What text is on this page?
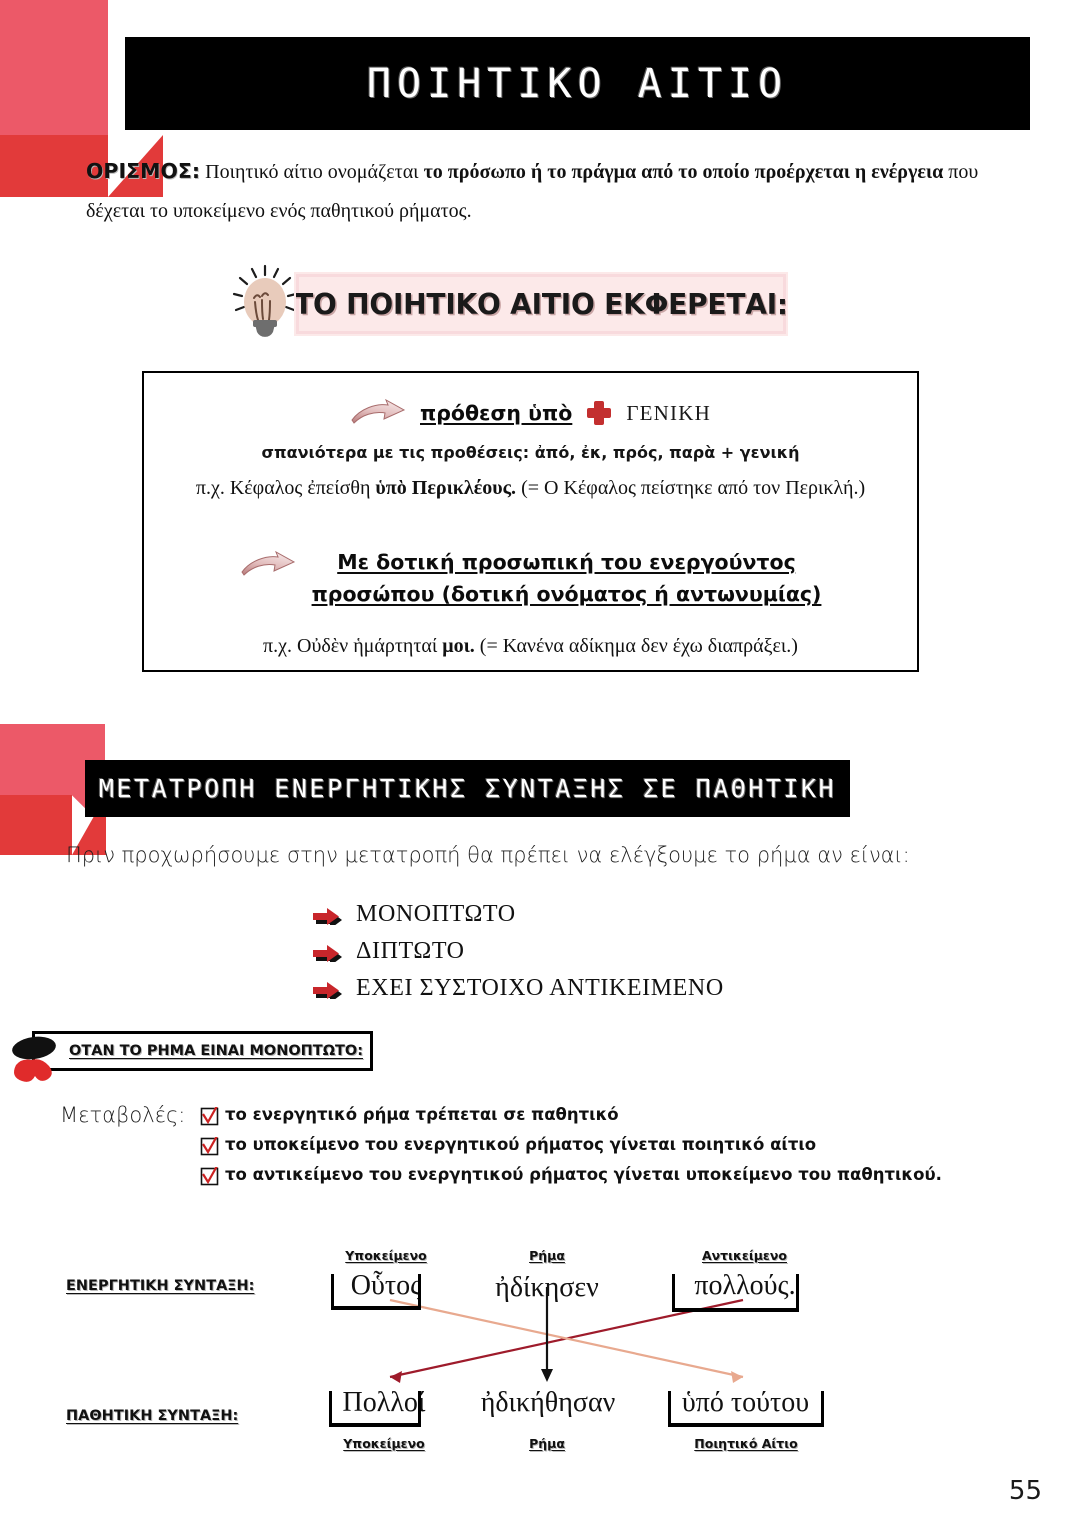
ΠΟΙΗΤΙΚΟ ΑΙΤΙΟ
ΟΡΙΣΜΟΣ: Ποιητικό αίτιο ονομάζεται το πρόσωπο ή το πράγμα από το οποίο προέρχεται η ενέργεια που δέχεται το υποκείμενο ενός παθητικού ρήματος.
ΤΟ ΠΟΙΗΤΙΚΟ ΑΙΤΙΟ ΕΚΦΕΡΕΤΑΙ:
πρόθεση ὑπὸ	ΓΕΝΙΚΗ
σπανιότερα με τις προθέσεις: ἀπό, ἐκ, πρός, παρὰ + γενική
π.χ. Κέφαλος ἐπείσθη ὑπὸ Περικλέους. (= Ο Κέφαλος πείστηκε από τον Περικλή.)
Με δοτική προσωπική του ενεργούντος
προσώπου (δοτική ονόματος ή αντωνυμίας)
π.χ. Οὐδὲν ἡμάρτηταί μοι. (= Κανένα αδίκημα δεν έχω διαπράξει.)
ΜΕΤΑΤΡΟΠΗ ΕΝΕΡΓΗΤΙΚΗΣ ΣΥΝΤΑΞΗΣ ΣΕ ΠΑΘΗΤΙΚΗ
Πριν προχωρήσουμε στην μετατροπή θα πρέπει να ελέγξουμε το ρήμα αν είναι:
ΜΟΝΟΠΤΩΤΟ
ΔΙΠΤΩΤΟ
ΕΧΕΙ ΣΥΣΤΟΙΧΟ ΑΝΤΙΚΕΙΜΕΝΟ
ΟΤΑΝ ΤΟ ΡΗΜΑ ΕΙΝΑΙ ΜΟΝΟΠΤΩΤΟ:
Μεταβολές: το ενεργητικό ρήμα τρέπεται σε παθητικό
το υποκείμενο του ενεργητικού ρήματος γίνεται ποιητικό αίτιο
το αντικείμενο του ενεργητικού ρήματος γίνεται υποκείμενο του παθητικού.
ΕΝΕΡΓΗΤΙΚΗ ΣΥΝΤΑΞΗ:
Υποκείμενο	Ρήμα	Αντικείμενο
Οὗτος	ἠδίκησεν	πολλούς.
ΠΑΘΗΤΙΚΗ ΣΥΝΤΑΞΗ:	Πολλοί	ἠδικήθησαν	ὑπό τούτου
Υποκείμενο	Ρήμα	Ποιητικό Αίτιο
55
